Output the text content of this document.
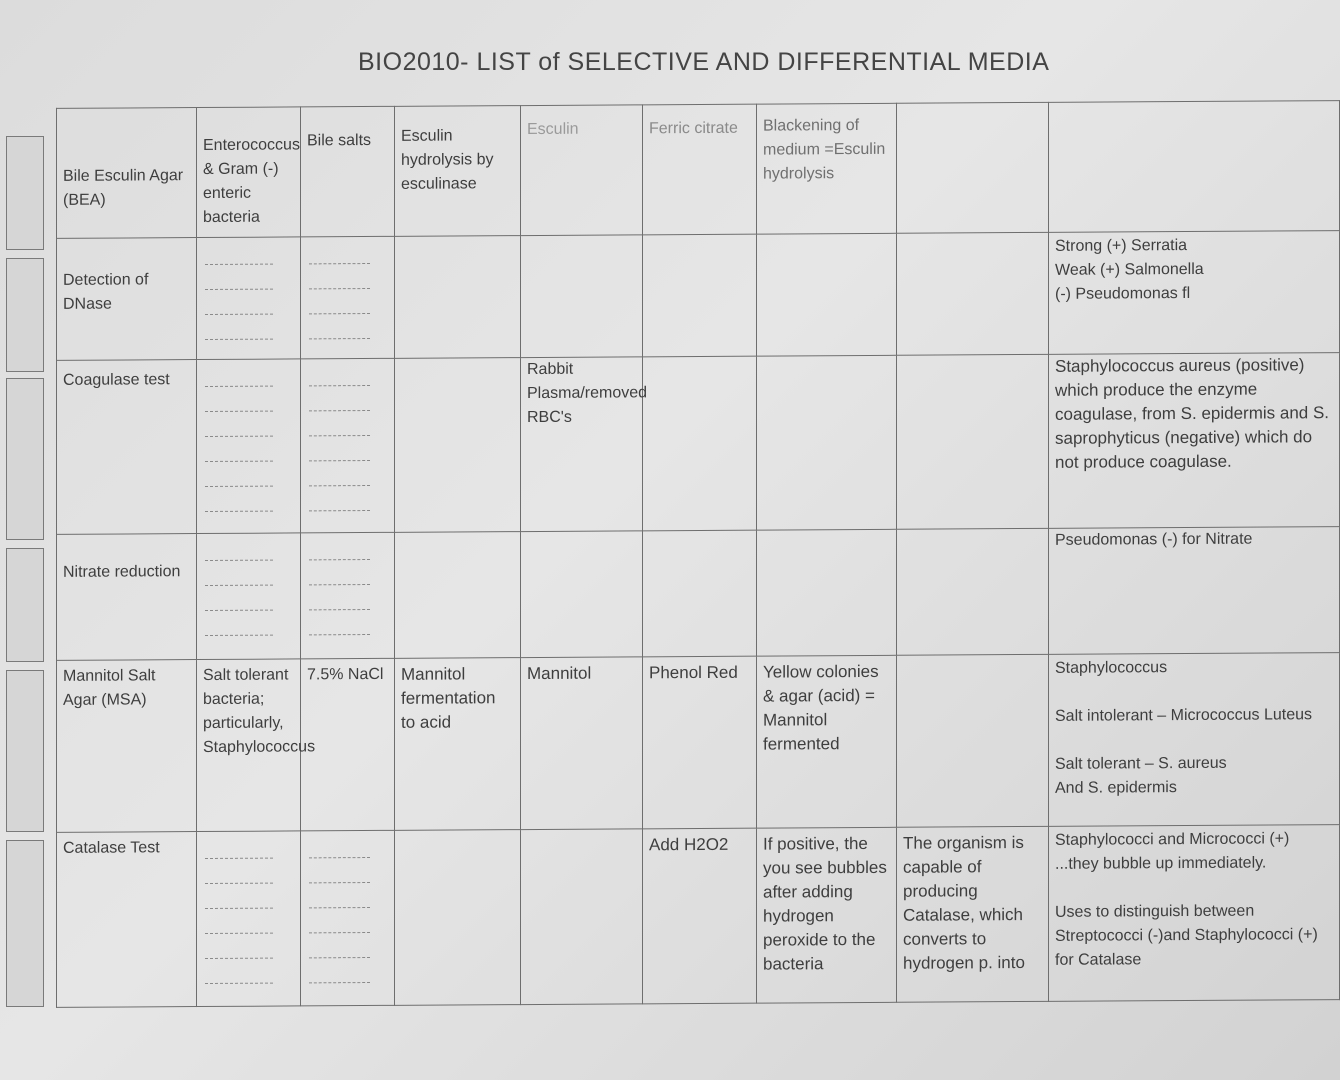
BIO2010- LIST of SELECTIVE AND DIFFERENTIAL MEDIA
Bile Esculin Agar (BEA)	Enterococcus & Gram (-) enteric bacteria	Bile salts	Esculin hydrolysis by esculinase	Esculin	Ferric citrate	Blackening of medium =Esculin hydrolysis		
Detection of DNase								Strong (+) Serratia
Weak (+) Salmonella
(-) Pseudomonas fl

Coagulase test				Rabbit Plasma/removed RBC's				Staphylococcus aureus (positive) which produce the enzyme coagulase, from S. epidermis and S. saprophyticus (negative) which do not produce coagulase.
Nitrate reduction								Pseudomonas (-) for Nitrate
Mannitol Salt Agar (MSA)	Salt tolerant bacteria; particularly, Staphylococcus	7.5% NaCl	Mannitol fermentation to acid	Mannitol	Phenol Red	Yellow colonies & agar (acid) = Mannitol fermented		Staphylococcus
Salt intolerant – Micrococcus Luteus
Salt tolerant – S. aureus
And S. epidermis

Catalase Test					Add H2O2	If positive, the you see bubbles after adding hydrogen peroxide to the bacteria	The organism is capable of producing Catalase, which converts to hydrogen p. into	Staphylococci and Micrococci (+) ...they bubble up immediately.
Uses to distinguish between Streptococci (-)and Staphylococci (+) for Catalase
